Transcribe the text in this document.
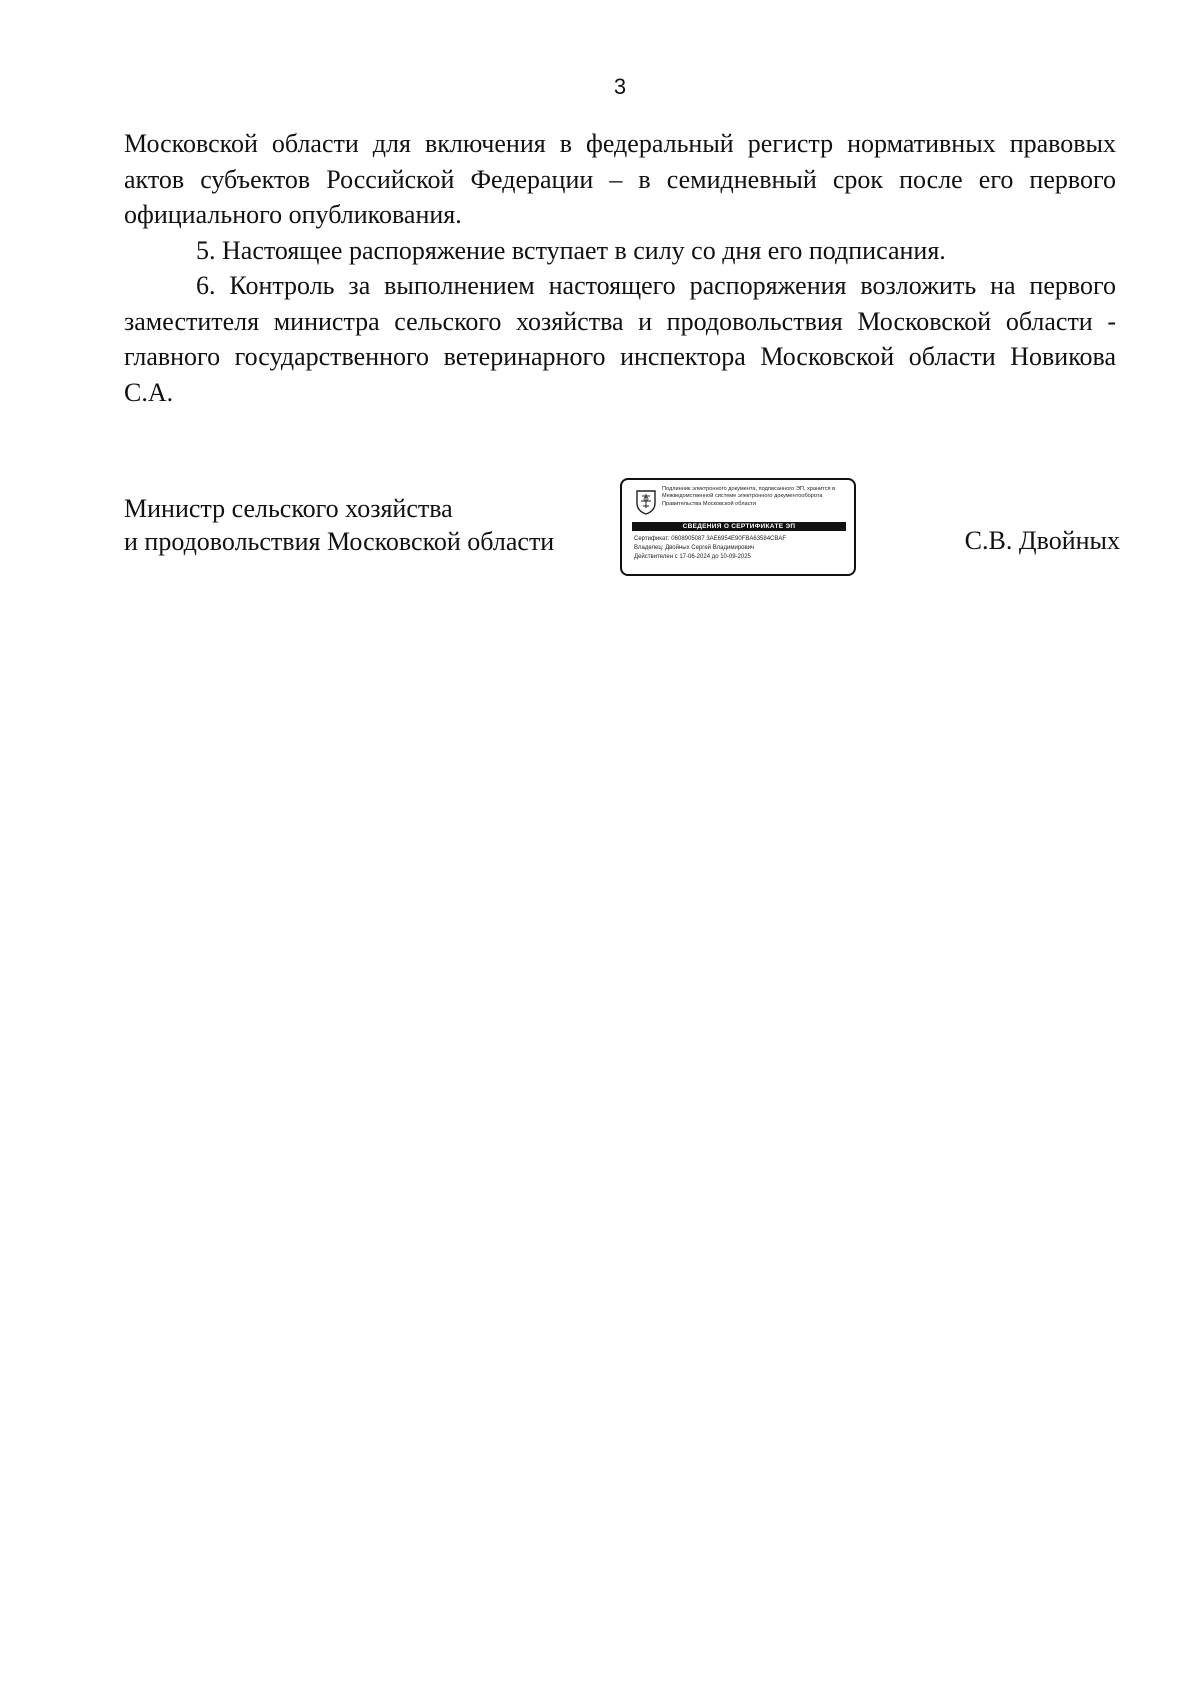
3

Московской области для включения в федеральный регистр нормативных правовых актов субъектов Российской Федерации – в семидневный срок после его первого официального опубликования.

5. Настоящее распоряжение вступает в силу со дня его подписания.

6. Контроль за выполнением настоящего распоряжения возложить на первого заместителя министра сельского хозяйства и продовольствия Московской области - главного государственного ветеринарного инспектора Московской области Новикова С.А.

Министр сельского хозяйства
и продовольствия Московской области
Подлинник электронного документа, подписанного ЭП, хранится в Межведомственной системе электронного документооборота Правительства Московской области
СВЕДЕНИЯ О СЕРТИФИКАТЕ ЭП
Сертификат: 0608905087 3AE6954E90FBA63584CBAF
Владелец: Двойных Сергей Владимирович
Действителен с 17-06-2024 до 10-09-2025
С.В. Двойных
